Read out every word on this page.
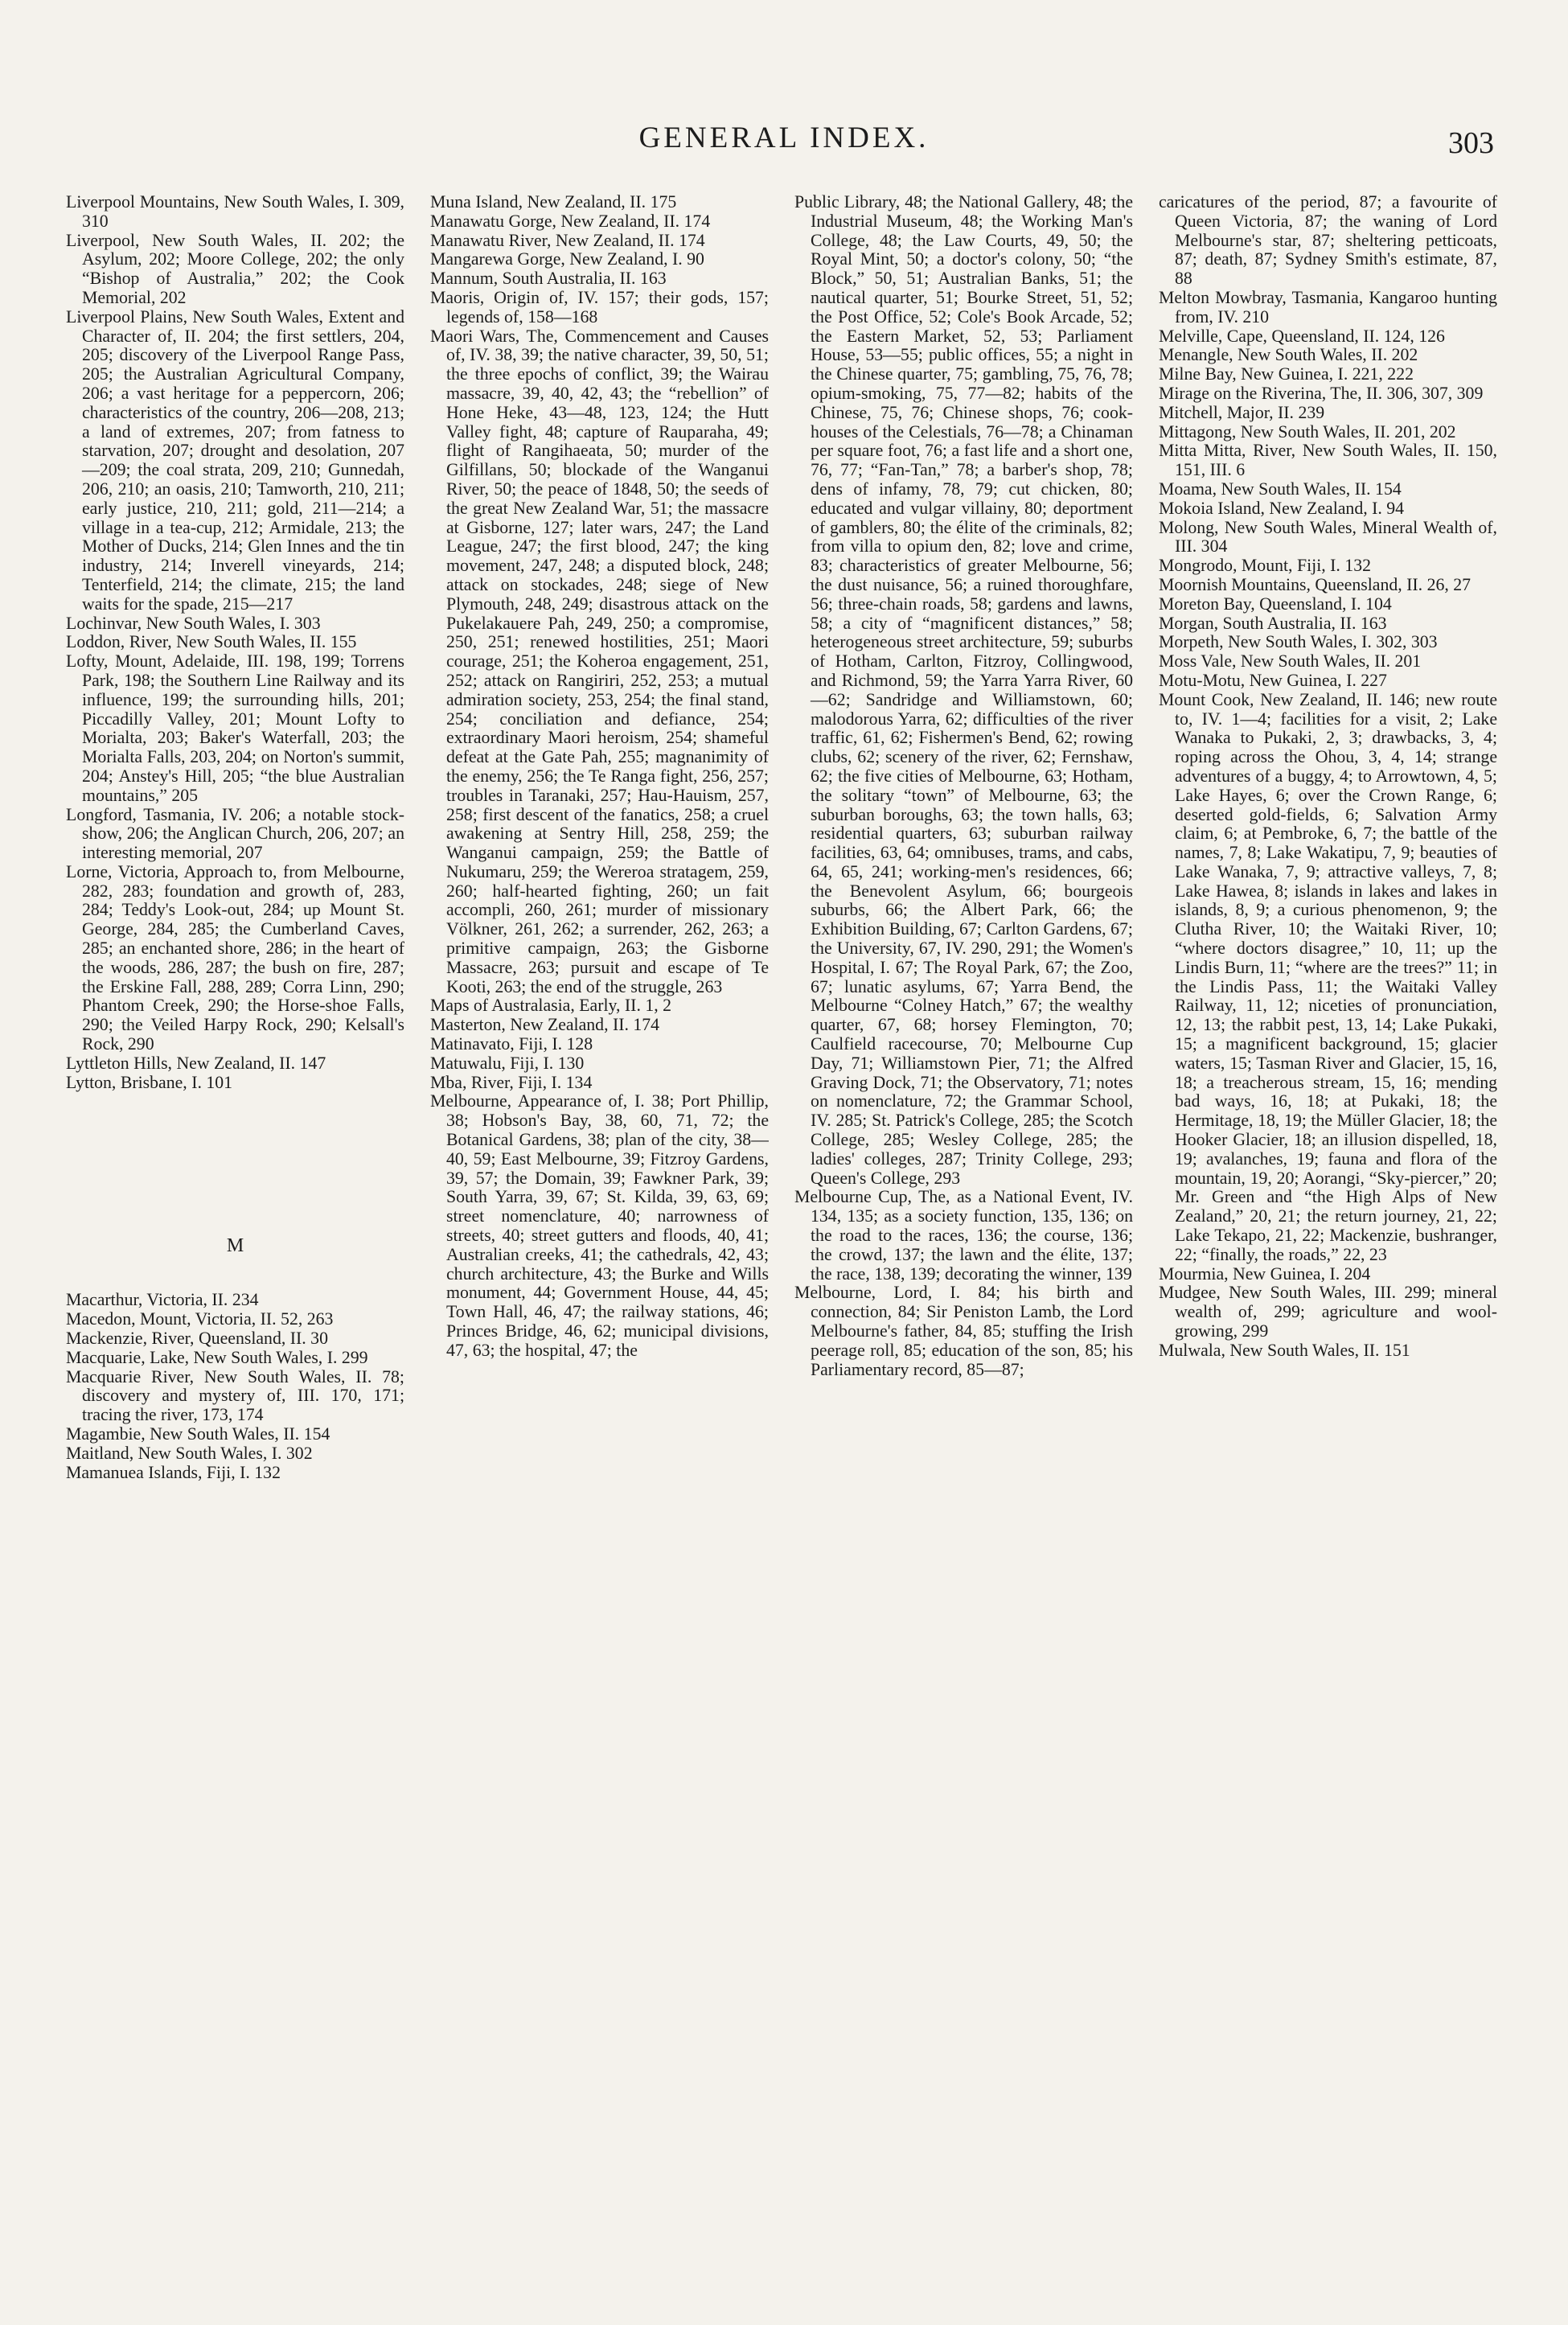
GENERAL INDEX.	303

Liverpool Mountains, New South Wales, I. 309, 310

Liverpool, New South Wales, II. 202; the Asylum, 202; Moore College, 202; the only “Bishop of Australia,” 202; the Cook Memorial, 202

Liverpool Plains, New South Wales, Extent and Character of, II. 204; the first settlers, 204, 205; discovery of the Liverpool Range Pass, 205; the Australian Agricultural Company, 206; a vast heritage for a peppercorn, 206; characteristics of the country, 206—208, 213; a land of extremes, 207; from fatness to starvation, 207; drought and desolation, 207—209; the coal strata, 209, 210; Gunnedah, 206, 210; an oasis, 210; Tamworth, 210, 211; early justice, 210, 211; gold, 211—214; a village in a tea-cup, 212; Armidale, 213; the Mother of Ducks, 214; Glen Innes and the tin industry, 214; Inverell vineyards, 214; Tenterfield, 214; the climate, 215; the land waits for the spade, 215—217

Lochinvar, New South Wales, I. 303

Loddon, River, New South Wales, II. 155

Lofty, Mount, Adelaide, III. 198, 199; Torrens Park, 198; the Southern Line Railway and its influence, 199; the surrounding hills, 201; Piccadilly Valley, 201; Mount Lofty to Morialta, 203; Baker's Waterfall, 203; the Morialta Falls, 203, 204; on Norton's summit, 204; Anstey's Hill, 205; “the blue Australian mountains,” 205

Longford, Tasmania, IV. 206; a notable stock-show, 206; the Anglican Church, 206, 207; an interesting memorial, 207

Lorne, Victoria, Approach to, from Melbourne, 282, 283; foundation and growth of, 283, 284; Teddy's Look-out, 284; up Mount St. George, 284, 285; the Cumberland Caves, 285; an enchanted shore, 286; in the heart of the woods, 286, 287; the bush on fire, 287; the Erskine Fall, 288, 289; Corra Linn, 290; Phantom Creek, 290; the Horse-shoe Falls, 290; the Veiled Harpy Rock, 290; Kelsall's Rock, 290

Lyttleton Hills, New Zealand, II. 147

Lytton, Brisbane, I. 101

M

Macarthur, Victoria, II. 234

Macedon, Mount, Victoria, II. 52, 263

Mackenzie, River, Queensland, II. 30

Macquarie, Lake, New South Wales, I. 299

Macquarie River, New South Wales, II. 78; discovery and mystery of, III. 170, 171; tracing the river, 173, 174

Magambie, New South Wales, II. 154

Maitland, New South Wales, I. 302

Mamanuea Islands, Fiji, I. 132

Muna Island, New Zealand, II. 175

Manawatu Gorge, New Zealand, II. 174

Manawatu River, New Zealand, II. 174

Mangarewa Gorge, New Zealand, I. 90

Mannum, South Australia, II. 163

Maoris, Origin of, IV. 157; their gods, 157; legends of, 158—168

Maori Wars, The, Commencement and Causes of, IV. 38, 39; the native character, 39, 50, 51; the three epochs of conflict, 39; the Wairau massacre, 39, 40, 42, 43; the “rebellion” of Hone Heke, 43—48, 123, 124; the Hutt Valley fight, 48; capture of Rauparaha, 49; flight of Rangihaeata, 50; murder of the Gilfillans, 50; blockade of the Wanganui River, 50; the peace of 1848, 50; the seeds of the great New Zealand War, 51; the massacre at Gisborne, 127; later wars, 247; the Land League, 247; the first blood, 247; the king movement, 247, 248; a disputed block, 248; attack on stockades, 248; siege of New Plymouth, 248, 249; disastrous attack on the Pukelakauere Pah, 249, 250; a compromise, 250, 251; renewed hostilities, 251; Maori courage, 251; the Koheroa engagement, 251, 252; attack on Rangiriri, 252, 253; a mutual admiration society, 253, 254; the final stand, 254; conciliation and defiance, 254; extraordinary Maori heroism, 254; shameful defeat at the Gate Pah, 255; magnanimity of the enemy, 256; the Te Ranga fight, 256, 257; troubles in Taranaki, 257; Hau-Hauism, 257, 258; first descent of the fanatics, 258; a cruel awakening at Sentry Hill, 258, 259; the Wanganui campaign, 259; the Battle of Nukumaru, 259; the Wereroa stratagem, 259, 260; half-hearted fighting, 260; un fait accompli, 260, 261; murder of missionary Völkner, 261, 262; a surrender, 262, 263; a primitive campaign, 263; the Gisborne Massacre, 263; pursuit and escape of Te Kooti, 263; the end of the struggle, 263

Maps of Australasia, Early, II. 1, 2

Masterton, New Zealand, II. 174

Matinavato, Fiji, I. 128

Matuwalu, Fiji, I. 130

Mba, River, Fiji, I. 134

Melbourne, Appearance of, I. 38; Port Phillip, 38; Hobson's Bay, 38, 60, 71, 72; the Botanical Gardens, 38; plan of the city, 38—40, 59; East Melbourne, 39; Fitzroy Gardens, 39, 57; the Domain, 39; Fawkner Park, 39; South Yarra, 39, 67; St. Kilda, 39, 63, 69; street nomenclature, 40; narrowness of streets, 40; street gutters and floods, 40, 41; Australian creeks, 41; the cathedrals, 42, 43; church architecture, 43; the Burke and Wills monument, 44; Government House, 44, 45; Town Hall, 46, 47; the railway stations, 46; Princes Bridge, 46, 62; municipal divisions, 47, 63; the hospital, 47; the

Public Library, 48; the National Gallery, 48; the Industrial Museum, 48; the Working Man's College, 48; the Law Courts, 49, 50; the Royal Mint, 50; a doctor's colony, 50; “the Block,” 50, 51; Australian Banks, 51; the nautical quarter, 51; Bourke Street, 51, 52; the Post Office, 52; Cole's Book Arcade, 52; the Eastern Market, 52, 53; Parliament House, 53—55; public offices, 55; a night in the Chinese quarter, 75; gambling, 75, 76, 78; opium-smoking, 75, 77—82; habits of the Chinese, 75, 76; Chinese shops, 76; cook-houses of the Celestials, 76—78; a Chinaman per square foot, 76; a fast life and a short one, 76, 77; “Fan-Tan,” 78; a barber's shop, 78; dens of infamy, 78, 79; cut chicken, 80; educated and vulgar villainy, 80; deportment of gamblers, 80; the élite of the criminals, 82; from villa to opium den, 82; love and crime, 83; characteristics of greater Melbourne, 56; the dust nuisance, 56; a ruined thoroughfare, 56; three-chain roads, 58; gardens and lawns, 58; a city of “magnificent distances,” 58; heterogeneous street architecture, 59; suburbs of Hotham, Carlton, Fitzroy, Collingwood, and Richmond, 59; the Yarra Yarra River, 60—62; Sandridge and Williamstown, 60; malodorous Yarra, 62; difficulties of the river traffic, 61, 62; Fishermen's Bend, 62; rowing clubs, 62; scenery of the river, 62; Fernshaw, 62; the five cities of Melbourne, 63; Hotham, the solitary “town” of Melbourne, 63; the suburban boroughs, 63; the town halls, 63; residential quarters, 63; suburban railway facilities, 63, 64; omnibuses, trams, and cabs, 64, 65, 241; working-men's residences, 66; the Benevolent Asylum, 66; bourgeois suburbs, 66; the Albert Park, 66; the Exhibition Building, 67; Carlton Gardens, 67; the University, 67, IV. 290, 291; the Women's Hospital, I. 67; The Royal Park, 67; the Zoo, 67; lunatic asylums, 67; Yarra Bend, the Melbourne “Colney Hatch,” 67; the wealthy quarter, 67, 68; horsey Flemington, 70; Caulfield racecourse, 70; Melbourne Cup Day, 71; Williamstown Pier, 71; the Alfred Graving Dock, 71; the Observatory, 71; notes on nomenclature, 72; the Grammar School, IV. 285; St. Patrick's College, 285; the Scotch College, 285; Wesley College, 285; the ladies' colleges, 287; Trinity College, 293; Queen's College, 293

Melbourne Cup, The, as a National Event, IV. 134, 135; as a society function, 135, 136; on the road to the races, 136; the course, 136; the crowd, 137; the lawn and the élite, 137; the race, 138, 139; decorating the winner, 139

Melbourne, Lord, I. 84; his birth and connection, 84; Sir Peniston Lamb, the Lord Melbourne's father, 84, 85; stuffing the Irish peerage roll, 85; education of the son, 85; his Parliamentary record, 85—87;

caricatures of the period, 87; a favourite of Queen Victoria, 87; the waning of Lord Melbourne's star, 87; sheltering petticoats, 87; death, 87; Sydney Smith's estimate, 87, 88

Melton Mowbray, Tasmania, Kangaroo hunting from, IV. 210

Melville, Cape, Queensland, II. 124, 126

Menangle, New South Wales, II. 202

Milne Bay, New Guinea, I. 221, 222

Mirage on the Riverina, The, II. 306, 307, 309

Mitchell, Major, II. 239

Mittagong, New South Wales, II. 201, 202

Mitta Mitta, River, New South Wales, II. 150, 151, III. 6

Moama, New South Wales, II. 154

Mokoia Island, New Zealand, I. 94

Molong, New South Wales, Mineral Wealth of, III. 304

Mongrodo, Mount, Fiji, I. 132

Moornish Mountains, Queensland, II. 26, 27

Moreton Bay, Queensland, I. 104

Morgan, South Australia, II. 163

Morpeth, New South Wales, I. 302, 303

Moss Vale, New South Wales, II. 201

Motu-Motu, New Guinea, I. 227

Mount Cook, New Zealand, II. 146; new route to, IV. 1—4; facilities for a visit, 2; Lake Wanaka to Pukaki, 2, 3; drawbacks, 3, 4; roping across the Ohou, 3, 4, 14; strange adventures of a buggy, 4; to Arrowtown, 4, 5; Lake Hayes, 6; over the Crown Range, 6; deserted gold-fields, 6; Salvation Army claim, 6; at Pembroke, 6, 7; the battle of the names, 7, 8; Lake Wakatipu, 7, 9; beauties of Lake Wanaka, 7, 9; attractive valleys, 7, 8; Lake Hawea, 8; islands in lakes and lakes in islands, 8, 9; a curious phenomenon, 9; the Clutha River, 10; the Waitaki River, 10; “where doctors disagree,” 10, 11; up the Lindis Burn, 11; “where are the trees?” 11; in the Lindis Pass, 11; the Waitaki Valley Railway, 11, 12; niceties of pronunciation, 12, 13; the rabbit pest, 13, 14; Lake Pukaki, 15; a magnificent background, 15; glacier waters, 15; Tasman River and Glacier, 15, 16, 18; a treacherous stream, 15, 16; mending bad ways, 16, 18; at Pukaki, 18; the Hermitage, 18, 19; the Müller Glacier, 18; the Hooker Glacier, 18; an illusion dispelled, 18, 19; avalanches, 19; fauna and flora of the mountain, 19, 20; Aorangi, “Sky-piercer,” 20; Mr. Green and “the High Alps of New Zealand,” 20, 21; the return journey, 21, 22; Lake Tekapo, 21, 22; Mackenzie, bushranger, 22; “finally, the roads,” 22, 23

Mourmia, New Guinea, I. 204

Mudgee, New South Wales, III. 299; mineral wealth of, 299; agriculture and wool-growing, 299

Mulwala, New South Wales, II. 151
